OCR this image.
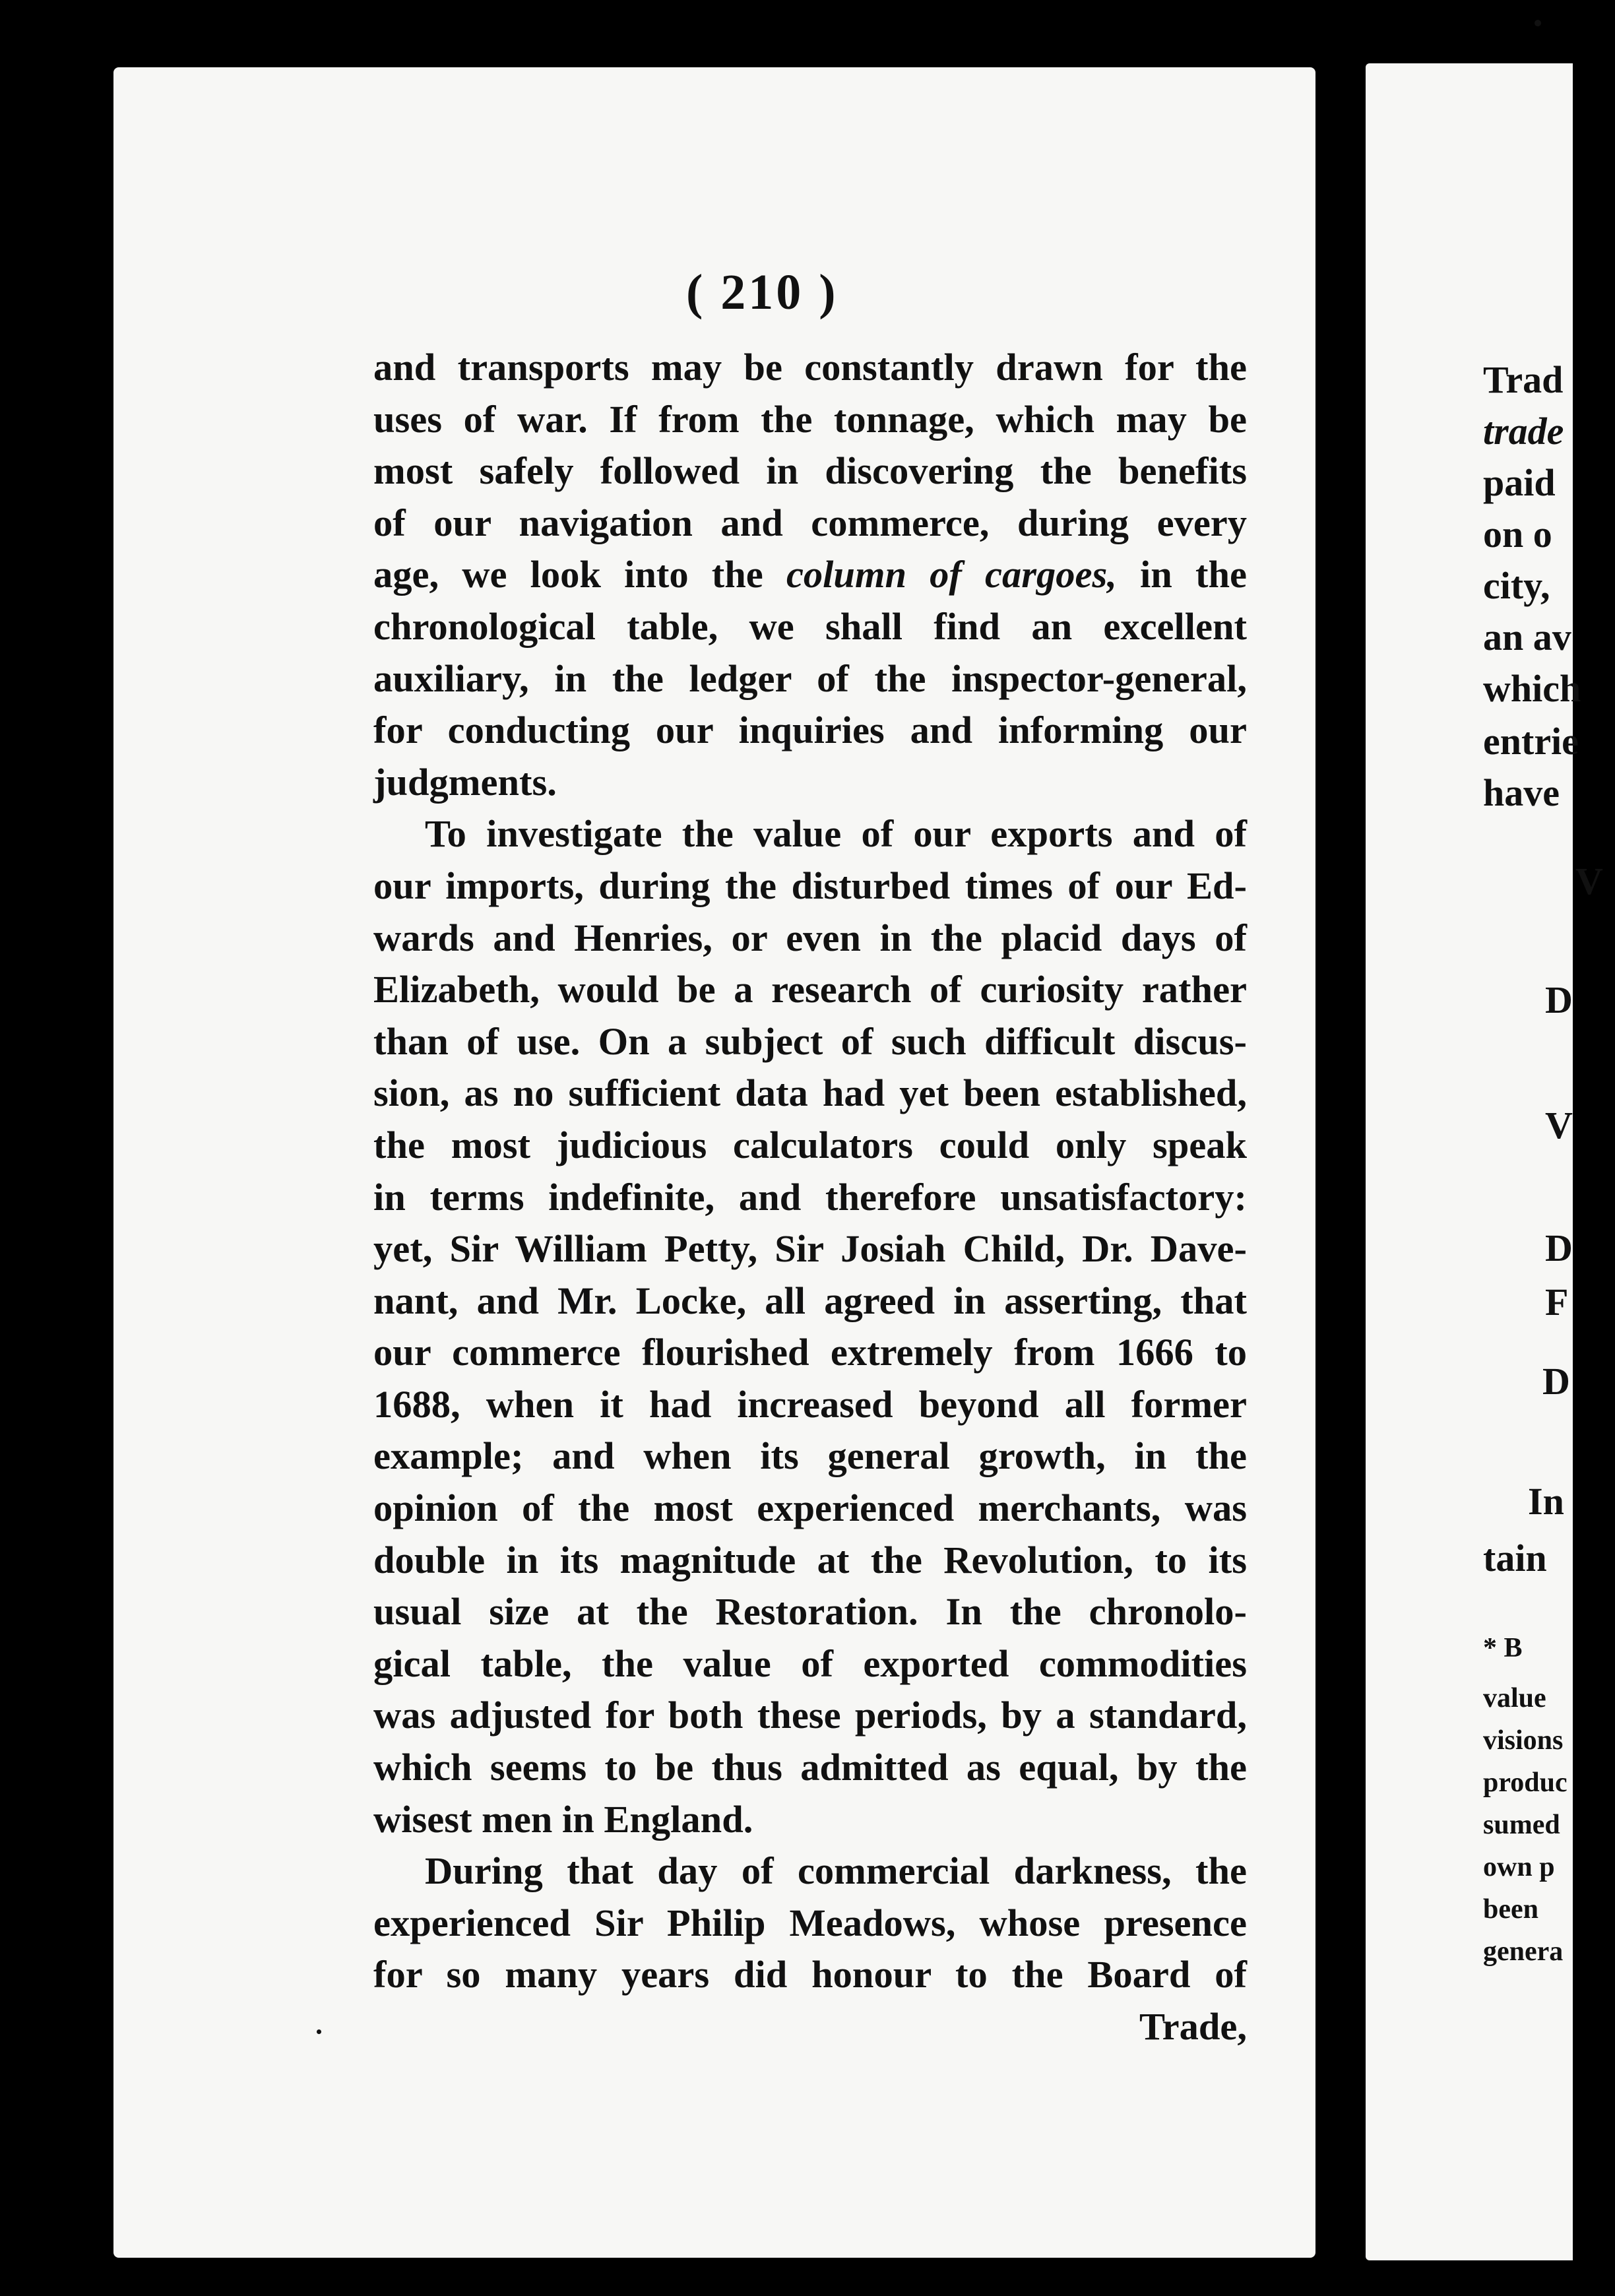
( 210 )
and transports may be constantly drawn for the
uses of war. If from the tonnage, which may be
most safely followed in discovering the benefits
of our navigation and commerce, during every
age, we look into the column of cargoes, in the
chronological table, we shall find an excellent
auxiliary, in the ledger of the inspector-general,
for conducting our inquiries and informing our
judgments.
To investigate the value of our exports and of
our imports, during the disturbed times of our Ed-
wards and Henries, or even in the placid days of
Elizabeth, would be a research of curiosity rather
than of use. On a subject of such difficult discus-
sion, as no sufficient data had yet been established,
the most judicious calculators could only speak
in terms indefinite, and therefore unsatisfactory:
yet, Sir William Petty, Sir Josiah Child, Dr. Dave-
nant, and Mr. Locke, all agreed in asserting, that
our commerce flourished extremely from 1666 to
1688, when it had increased beyond all former
example; and when its general growth, in the
opinion of the most experienced merchants, was
double in its magnitude at the Revolution, to its
usual size at the Restoration. In the chronolo-
gical table, the value of exported commodities
was adjusted for both these periods, by a standard,
which seems to be thus admitted as equal, by the
wisest men in England.
During that day of commercial darkness, the
experienced Sir Philip Meadows, whose presence
for so many years did honour to the Board of
Trade,
Trad
trade
paid
on o
city,
an av
which
entrie
have
V
D
V
D
F
D
In
tain
* B
value
visions
produc
sumed
own p
been
genera
